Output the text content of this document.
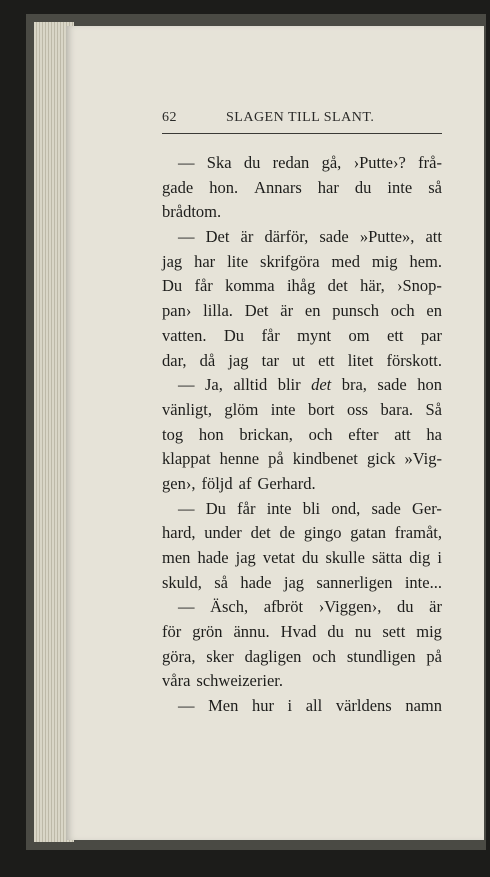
62	SLAGEN TILL SLANT.
— Ska du redan gå, ›Putte›? frå-
gade hon. Annars har du inte så
brådtom.
— Det är därför, sade »Putte», att
jag har lite skrifgöra med mig hem.
Du får komma ihåg det här, ›Snop-
pan› lilla. Det är en punsch och en
vatten. Du får mynt om ett par
dar, då jag tar ut ett litet förskott.
— Ja, alltid blir det bra, sade hon
vänligt, glöm inte bort oss bara. Så
tog hon brickan, och efter att ha
klappat henne på kindbenet gick »Vig-
gen›, följd af Gerhard.
— Du får inte bli ond, sade Ger-
hard, under det de gingo gatan framåt,
men hade jag vetat du skulle sätta dig i
skuld, så hade jag sannerligen inte...
— Äsch, afbröt ›Viggen›, du är
för grön ännu. Hvad du nu sett mig
göra, sker dagligen och stundligen på
våra schweizerier.
— Men hur i all världens namn
